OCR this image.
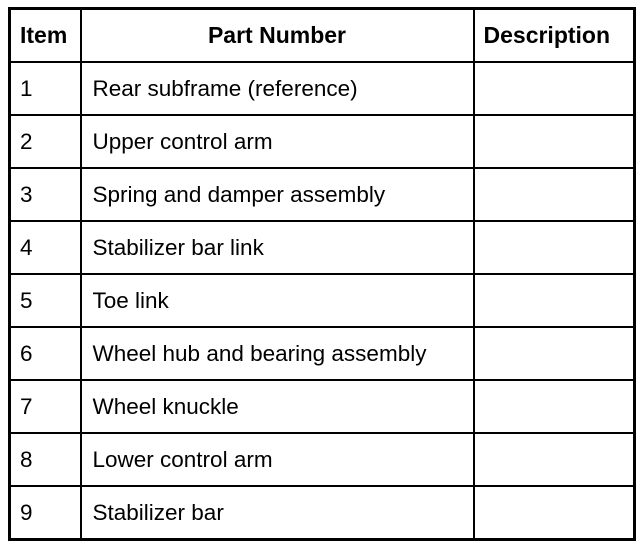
Item	Part Number	Description
1	Rear subframe (reference)	
2	Upper control arm	
3	Spring and damper assembly	
4	Stabilizer bar link	
5	Toe link	
6	Wheel hub and bearing assembly	
7	Wheel knuckle	
8	Lower control arm	
9	Stabilizer bar	
